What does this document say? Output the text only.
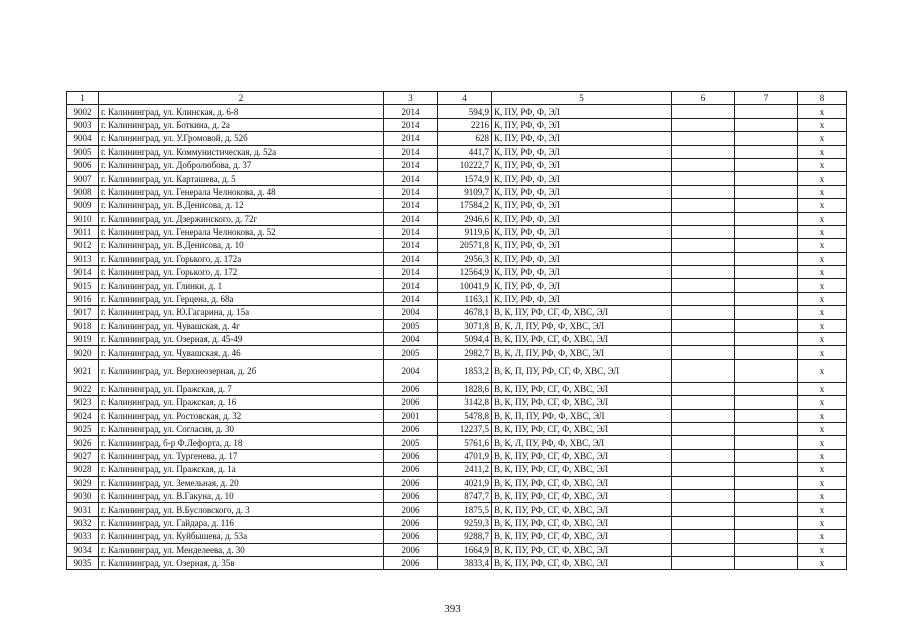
1	2	3	4	5	6	7	8
9002	г. Калининград, ул. Клинская, д. 6-8	2014	594,9	К, ПУ, РФ, Ф, ЭЛ			х
9003	г. Калининград, ул. Боткина, д. 2а	2014	2216	К, ПУ, РФ, Ф, ЭЛ			х
9004	г. Калининград, ул. У.Громовой, д. 52б	2014	628	К, ПУ, РФ, Ф, ЭЛ			х
9005	г. Калининград, ул. Коммунистическая, д. 52а	2014	441,7	К, ПУ, РФ, Ф, ЭЛ			х
9006	г. Калининград, ул. Добролюбова, д. 37	2014	10222,7	К, ПУ, РФ, Ф, ЭЛ			х
9007	г. Калининград, ул. Карташева, д. 5	2014	1574,9	К, ПУ, РФ, Ф, ЭЛ			х
9008	г. Калининград, ул. Генерала Челнокова, д. 48	2014	9109,7	К, ПУ, РФ, Ф, ЭЛ			х
9009	г. Калининград, ул. В.Денисова, д. 12	2014	17584,2	К, ПУ, РФ, Ф, ЭЛ			х
9010	г. Калининград, ул. Дзержинского, д. 72г	2014	2946,6	К, ПУ, РФ, Ф, ЭЛ			х
9011	г. Калининград, ул. Генерала Челнокова, д. 52	2014	9119,6	К, ПУ, РФ, Ф, ЭЛ			х
9012	г. Калининград, ул. В.Денисова, д. 10	2014	20571,8	К, ПУ, РФ, Ф, ЭЛ			х
9013	г. Калининград, ул. Горького, д. 172а	2014	2956,3	К, ПУ, РФ, Ф, ЭЛ			х
9014	г. Калининград, ул. Горького, д. 172	2014	12564,9	К, ПУ, РФ, Ф, ЭЛ			х
9015	г. Калининград, ул. Глинки, д. 1	2014	10041,9	К, ПУ, РФ, Ф, ЭЛ			х
9016	г. Калининград, ул. Герцена, д. 68а	2014	1163,1	К, ПУ, РФ, Ф, ЭЛ			х
9017	г. Калининград, ул. Ю.Гагарина, д. 15а	2004	4678,1	В, К, ПУ, РФ, СГ, Ф, ХВС, ЭЛ			х
9018	г. Калининград, ул. Чувашская, д. 4г	2005	3071,8	В, К, Л, ПУ, РФ, Ф, ХВС, ЭЛ			х
9019	г. Калининград, ул. Озерная, д. 45-49	2004	5094,4	В, К, ПУ, РФ, СГ, Ф, ХВС, ЭЛ			х
9020	г. Калининград, ул. Чувашская, д. 46	2005	2982,7	В, К, Л, ПУ, РФ, Ф, ХВС, ЭЛ			х
9021	г. Калининград, ул. Верхнеозерная, д. 2б	2004	1853,2	В, К, П, ПУ, РФ, СГ, Ф, ХВС, ЭЛ			х
9022	г. Калининград, ул. Пражская, д. 7	2006	1828,6	В, К, ПУ, РФ, СГ, Ф, ХВС, ЭЛ			х
9023	г. Калининград, ул. Пражская, д. 16	2006	3142,8	В, К, ПУ, РФ, СГ, Ф, ХВС, ЭЛ			х
9024	г. Калининград, ул. Ростовская, д. 32	2001	5478,8	В, К, П, ПУ, РФ, Ф, ХВС, ЭЛ			х
9025	г. Калининград, ул. Согласия, д. 30	2006	12237,5	В, К, ПУ, РФ, СГ, Ф, ХВС, ЭЛ			х
9026	г. Калининград, б-р Ф.Лефорта, д. 18	2005	5761,6	В, К, Л, ПУ, РФ, Ф, ХВС, ЭЛ			х
9027	г. Калининград, ул. Тургенева, д. 17	2006	4701,9	В, К, ПУ, РФ, СГ, Ф, ХВС, ЭЛ			х
9028	г. Калининград, ул. Пражская, д. 1а	2006	2411,2	В, К, ПУ, РФ, СГ, Ф, ХВС, ЭЛ			х
9029	г. Калининград, ул. Земельная, д. 20	2006	4021,9	В, К, ПУ, РФ, СГ, Ф, ХВС, ЭЛ			х
9030	г. Калининград, ул. В.Гакуна, д. 10	2006	8747,7	В, К, ПУ, РФ, СГ, Ф, ХВС, ЭЛ			х
9031	г. Калининград, ул. В.Бусловского, д. 3	2006	1875,5	В, К, ПУ, РФ, СГ, Ф, ХВС, ЭЛ			х
9032	г. Калининград, ул. Гайдара, д. 116	2006	9259,3	В, К, ПУ, РФ, СГ, Ф, ХВС, ЭЛ			х
9033	г. Калининград, ул. Куйбышева, д. 53а	2006	9288,7	В, К, ПУ, РФ, СГ, Ф, ХВС, ЭЛ			х
9034	г. Калининград, ул. Менделеева, д. 30	2006	1664,9	В, К, ПУ, РФ, СГ, Ф, ХВС, ЭЛ			х
9035	г. Калининград, ул. Озерная, д. 35в	2006	3833,4	В, К, ПУ, РФ, СГ, Ф, ХВС, ЭЛ			х
393
